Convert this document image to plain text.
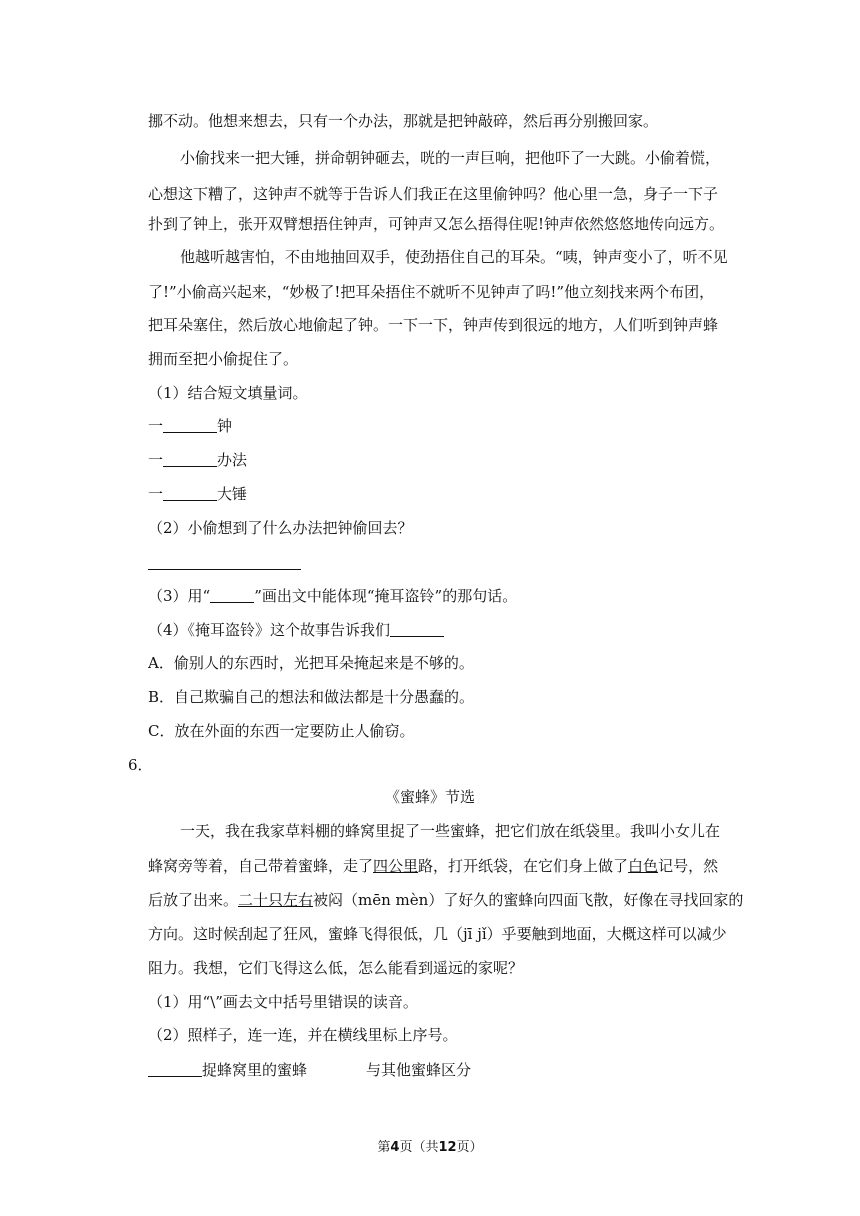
挪不动。他想来想去，只有一个办法，那就是把钟敲碎，然后再分别搬回家。
小偷找来一把大锤，拼命朝钟砸去，咣的一声巨响，把他吓了一大跳。小偷着慌，
心想这下糟了，这钟声不就等于告诉人们我正在这里偷钟吗？他心里一急，身子一下子
扑到了钟上，张开双臂想捂住钟声，可钟声又怎么捂得住呢!钟声依然悠悠地传向远方。
他越听越害怕，不由地抽回双手，使劲捂住自己的耳朵。“咦，钟声变小了，听不见
了!”小偷高兴起来，“妙极了!把耳朵捂住不就听不见钟声了吗!”他立刻找来两个布团，
把耳朵塞住，然后放心地偷起了钟。一下一下，钟声传到很远的地方，人们听到钟声蜂
拥而至把小偷捉住了。
（1）结合短文填量词。
一	钟
一	办法
一	大锤
（2）小偷想到了什么办法把钟偷回去？
（3）用“	”画出文中能体现“掩耳盗铃”的那句话。
（4）《掩耳盗铃》这个故事告诉我们
A．偷别人的东西时，光把耳朵掩起来是不够的。
B．自己欺骗自己的想法和做法都是十分愚蠢的。
C．放在外面的东西一定要防止人偷窃。
6．
《蜜蜂》节选
一天，我在我家草料棚的蜂窝里捉了一些蜜蜂，把它们放在纸袋里。我叫小女儿在
蜂窝旁等着，自己带着蜜蜂，走了四公里路，打开纸袋，在它们身上做了白色记号，然
后放了出来。二十只左右被闷（mēn mèn）了好久的蜜蜂向四面飞散，好像在寻找回家的
方向。这时候刮起了狂风，蜜蜂飞得很低，几（jī jǐ）乎要触到地面，大概这样可以减少
阻力。我想，它们飞得这么低，怎么能看到遥远的家呢？
（1）用“\”画去文中括号里错误的读音。
（2）照样子，连一连，并在横线里标上序号。
捉蜂窝里的蜜蜂	与其他蜜蜂区分
第4页（共12页）
